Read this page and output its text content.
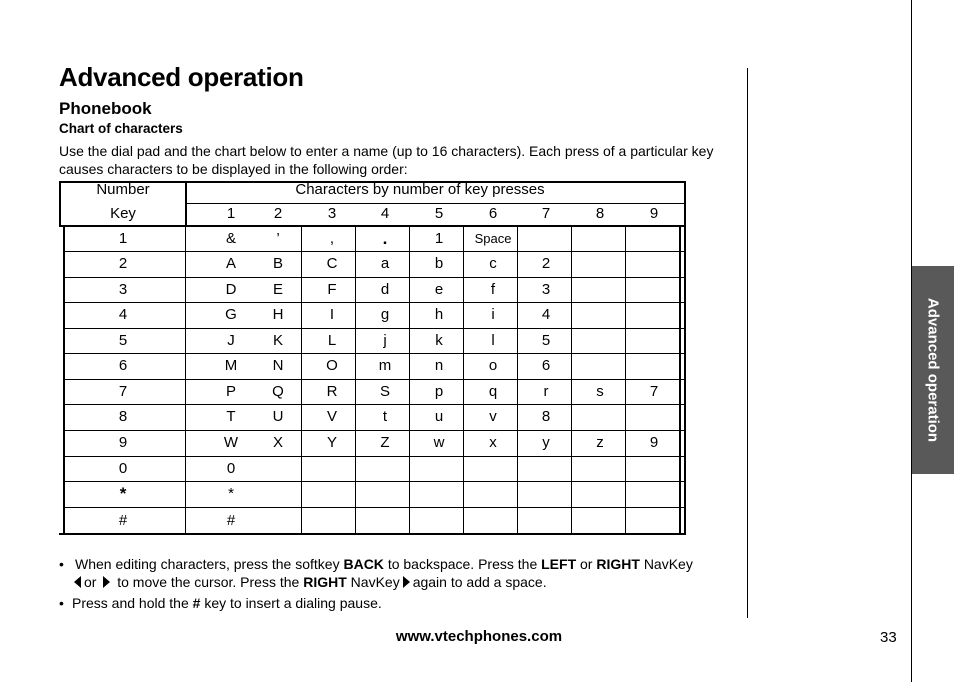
Advanced operation
Phonebook
Chart of characters
Use the dial pad and the chart below to enter a name (up to 16 characters). Each press of a particular key causes characters to be displayed in the following order:
Advanced operation
Number
Key
Characters by number of key presses
1	2	3	4	5	6	7	8	9
1	&	’	,	.	1	Space
2	A	B	C	a	b	c	2
3	D	E	F	d	e	f	3
4	G	H	I	g	h	i	4
5	J	K	L	j	k	l	5
6	M	N	O	m	n	o	6
7	P	Q	R	S	p	q	r	s	7
8	T	U	V	t	u	v	8
9	W	X	Y	Z	w	x	y	z	9
0	0
*	*
#	#
• When editing characters, press the softkey BACK to backspace. Press the LEFT or RIGHT NavKey
or to move the cursor. Press the RIGHT NavKey again to add a space.
• Press and hold the # key to insert a dialing pause.
www.vtechphones.com	33
